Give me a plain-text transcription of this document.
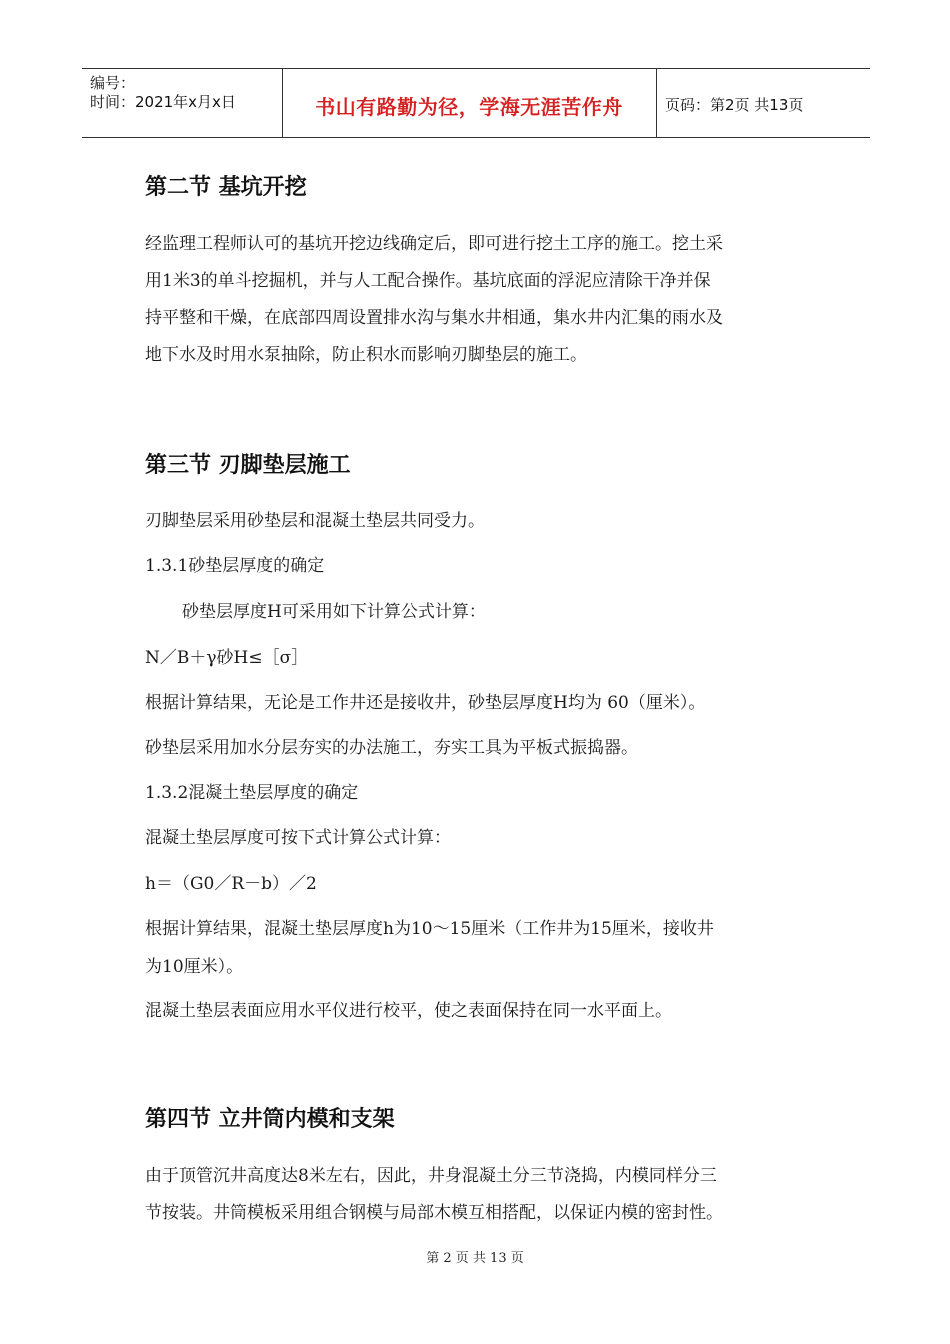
编号：
时间：2021年x月x日	书山有路勤为径，学海无涯苦作舟	页码：第2页 共13页
第二节 基坑开挖
经监理工程师认可的基坑开挖边线确定后，即可进行挖土工序的施工。挖土采
用1米3的单斗挖掘机，并与人工配合操作。基坑底面的浮泥应清除干净并保
持平整和干燥，在底部四周设置排水沟与集水井相通，集水井内汇集的雨水及
地下水及时用水泵抽除，防止积水而影响刃脚垫层的施工。
第三节 刃脚垫层施工
刃脚垫层采用砂垫层和混凝土垫层共同受力。
1.3.1砂垫层厚度的确定
砂垫层厚度H可采用如下计算公式计算：
N／B＋γ砂H≤［σ］
根据计算结果，无论是工作井还是接收井，砂垫层厚度H均为 60（厘米）。
砂垫层采用加水分层夯实的办法施工，夯实工具为平板式振捣器。
1.3.2混凝土垫层厚度的确定
混凝土垫层厚度可按下式计算公式计算：
h＝（G0／R－b）／2
根据计算结果，混凝土垫层厚度h为10～15厘米（工作井为15厘米，接收井
为10厘米）。
混凝土垫层表面应用水平仪进行校平，使之表面保持在同一水平面上。
第四节 立井筒内模和支架
由于顶管沉井高度达8米左右，因此，井身混凝土分三节浇捣，内模同样分三
节按装。井筒模板采用组合钢模与局部木模互相搭配，以保证内模的密封性。
第 2 页 共 13 页
